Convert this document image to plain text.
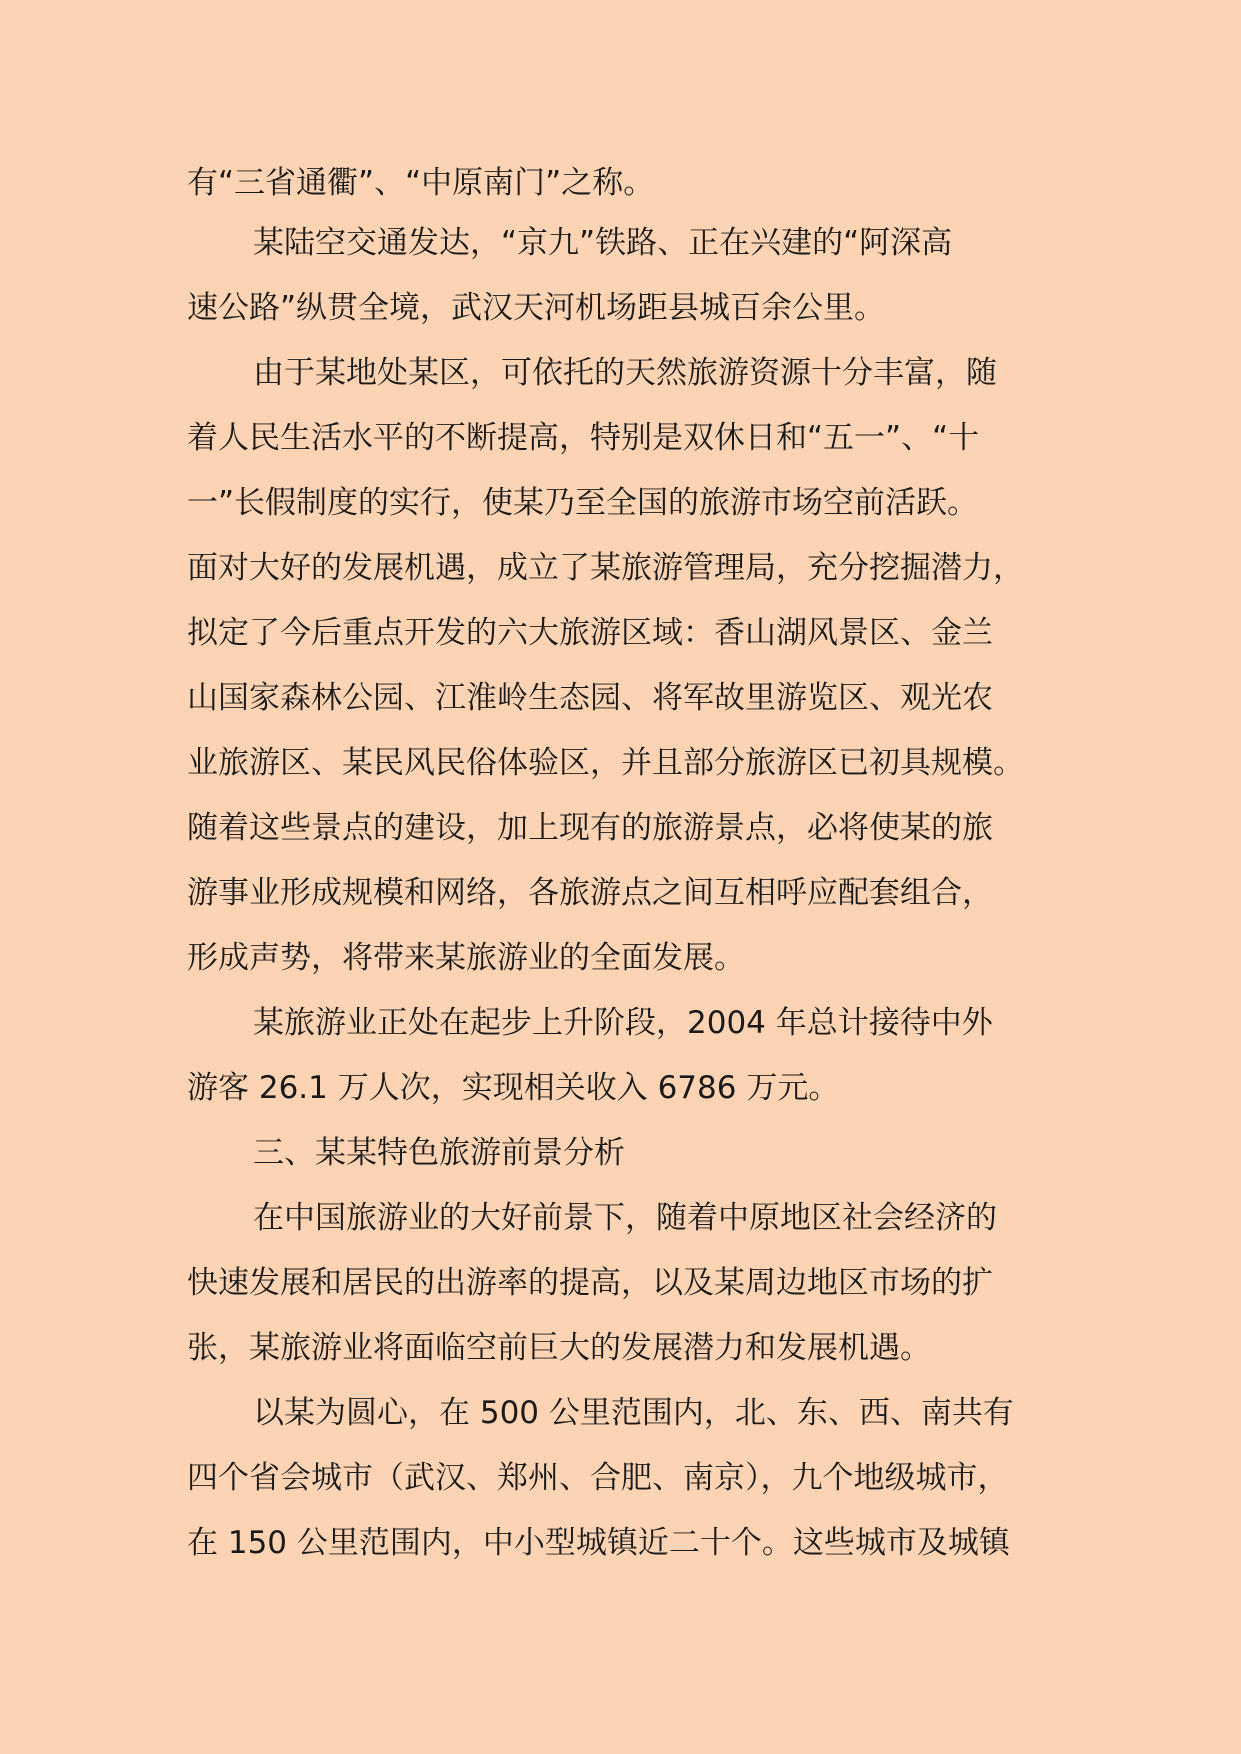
有“三省通衢”、“中原南门”之称。
某陆空交通发达，“京九”铁路、正在兴建的“阿深高
速公路”纵贯全境，武汉天河机场距县城百余公里。
由于某地处某区，可依托的天然旅游资源十分丰富，随
着人民生活水平的不断提高，特别是双休日和“五一”、“十
一”长假制度的实行，使某乃至全国的旅游市场空前活跃。
面对大好的发展机遇，成立了某旅游管理局，充分挖掘潜力，
拟定了今后重点开发的六大旅游区域：香山湖风景区、金兰
山国家森林公园、江淮岭生态园、将军故里游览区、观光农
业旅游区、某民风民俗体验区，并且部分旅游区已初具规模。
随着这些景点的建设，加上现有的旅游景点，必将使某的旅
游事业形成规模和网络，各旅游点之间互相呼应配套组合，
形成声势，将带来某旅游业的全面发展。
某旅游业正处在起步上升阶段，2004 年总计接待中外
游客 26.1 万人次，实现相关收入 6786 万元。
三、某某特色旅游前景分析
在中国旅游业的大好前景下，随着中原地区社会经济的
快速发展和居民的出游率的提高，以及某周边地区市场的扩
张，某旅游业将面临空前巨大的发展潜力和发展机遇。
以某为圆心，在 500 公里范围内，北、东、西、南共有
四个省会城市（武汉、郑州、合肥、南京），九个地级城市，
在 150 公里范围内，中小型城镇近二十个。这些城市及城镇
